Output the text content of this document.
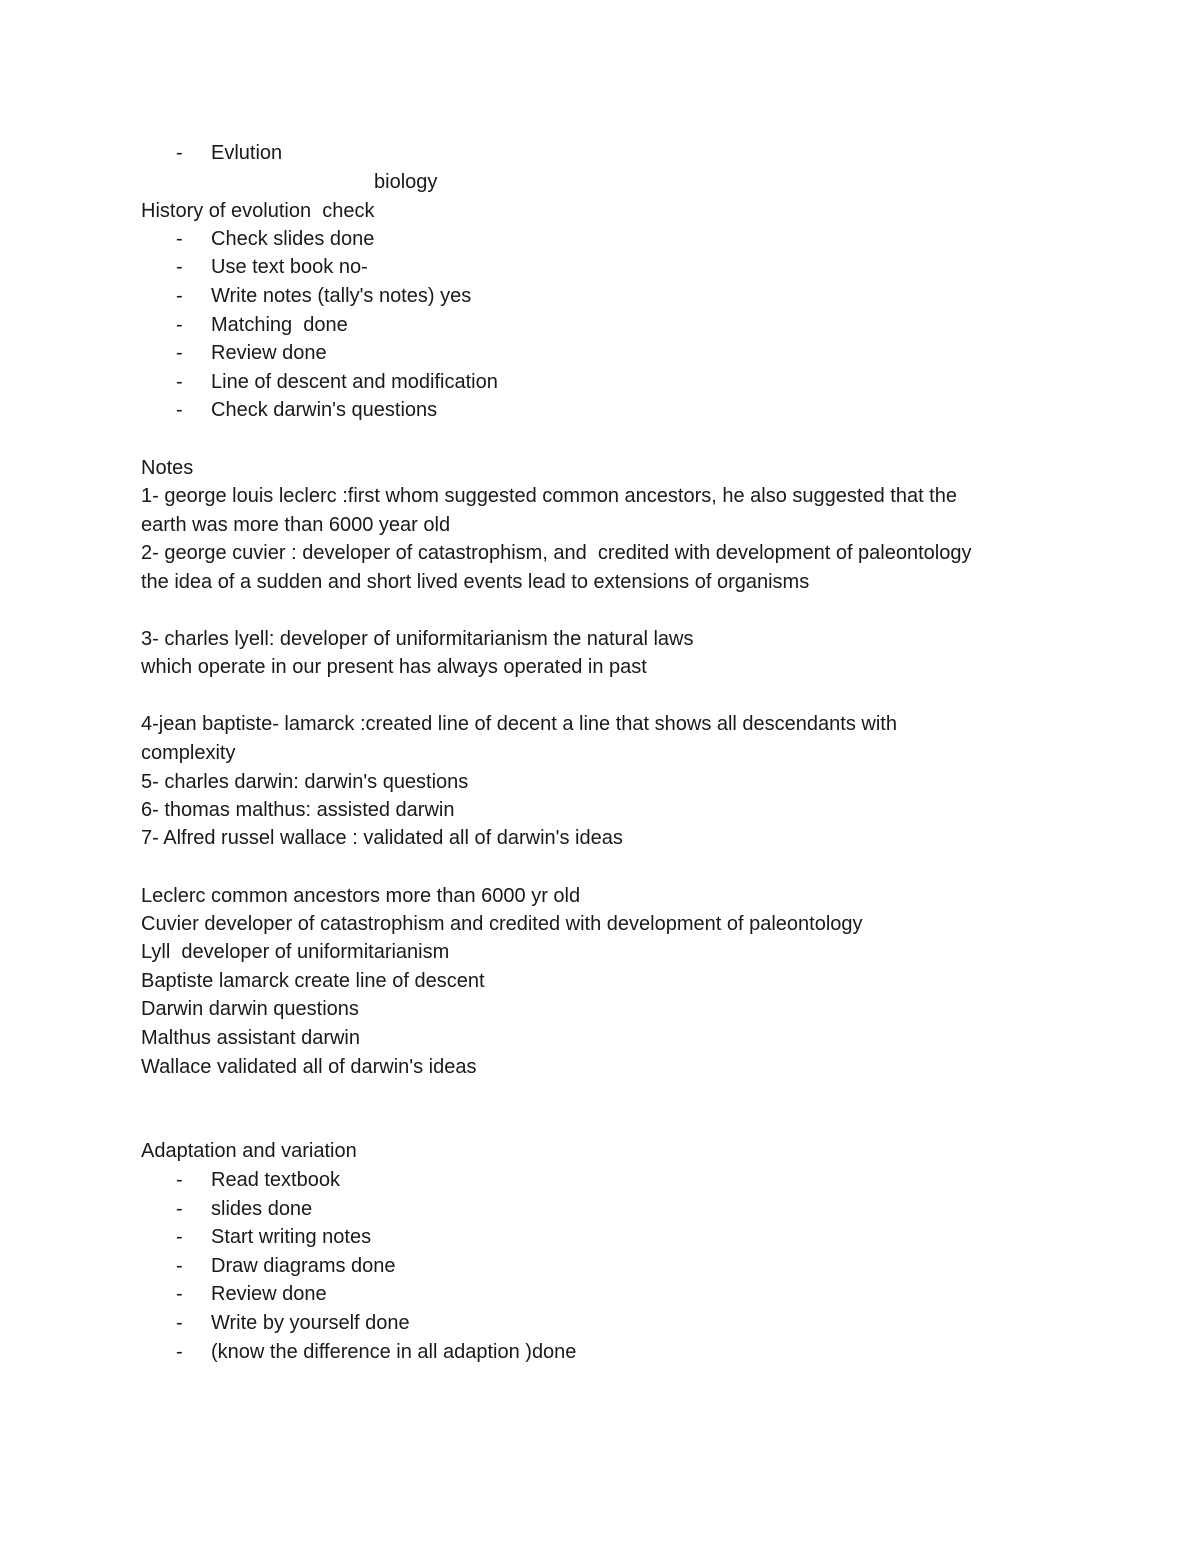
- Evlution
biology
History of evolution  check
- Check slides done
- Use text book no-
- Write notes (tally's notes) yes
- Matching  done
- Review done
- Line of descent and modification
- Check darwin's questions
Notes
1- george louis leclerc :first whom suggested common ancestors, he also suggested that the
earth was more than 6000 year old
2- george cuvier : developer of catastrophism, and  credited with development of paleontology
the idea of a sudden and short lived events lead to extensions of organisms
3- charles lyell: developer of uniformitarianism the natural laws
which operate in our present has always operated in past
4-jean baptiste- lamarck :created line of decent a line that shows all descendants with
complexity
5- charles darwin: darwin's questions
6- thomas malthus: assisted darwin
7- Alfred russel wallace : validated all of darwin's ideas
Leclerc common ancestors more than 6000 yr old
Cuvier developer of catastrophism and credited with development of paleontology
Lyll  developer of uniformitarianism
Baptiste lamarck create line of descent
Darwin darwin questions
Malthus assistant darwin
Wallace validated all of darwin's ideas
Adaptation and variation
- Read textbook
- slides done
- Start writing notes
- Draw diagrams done
- Review done
- Write by yourself done
- (know the difference in all adaption )done
